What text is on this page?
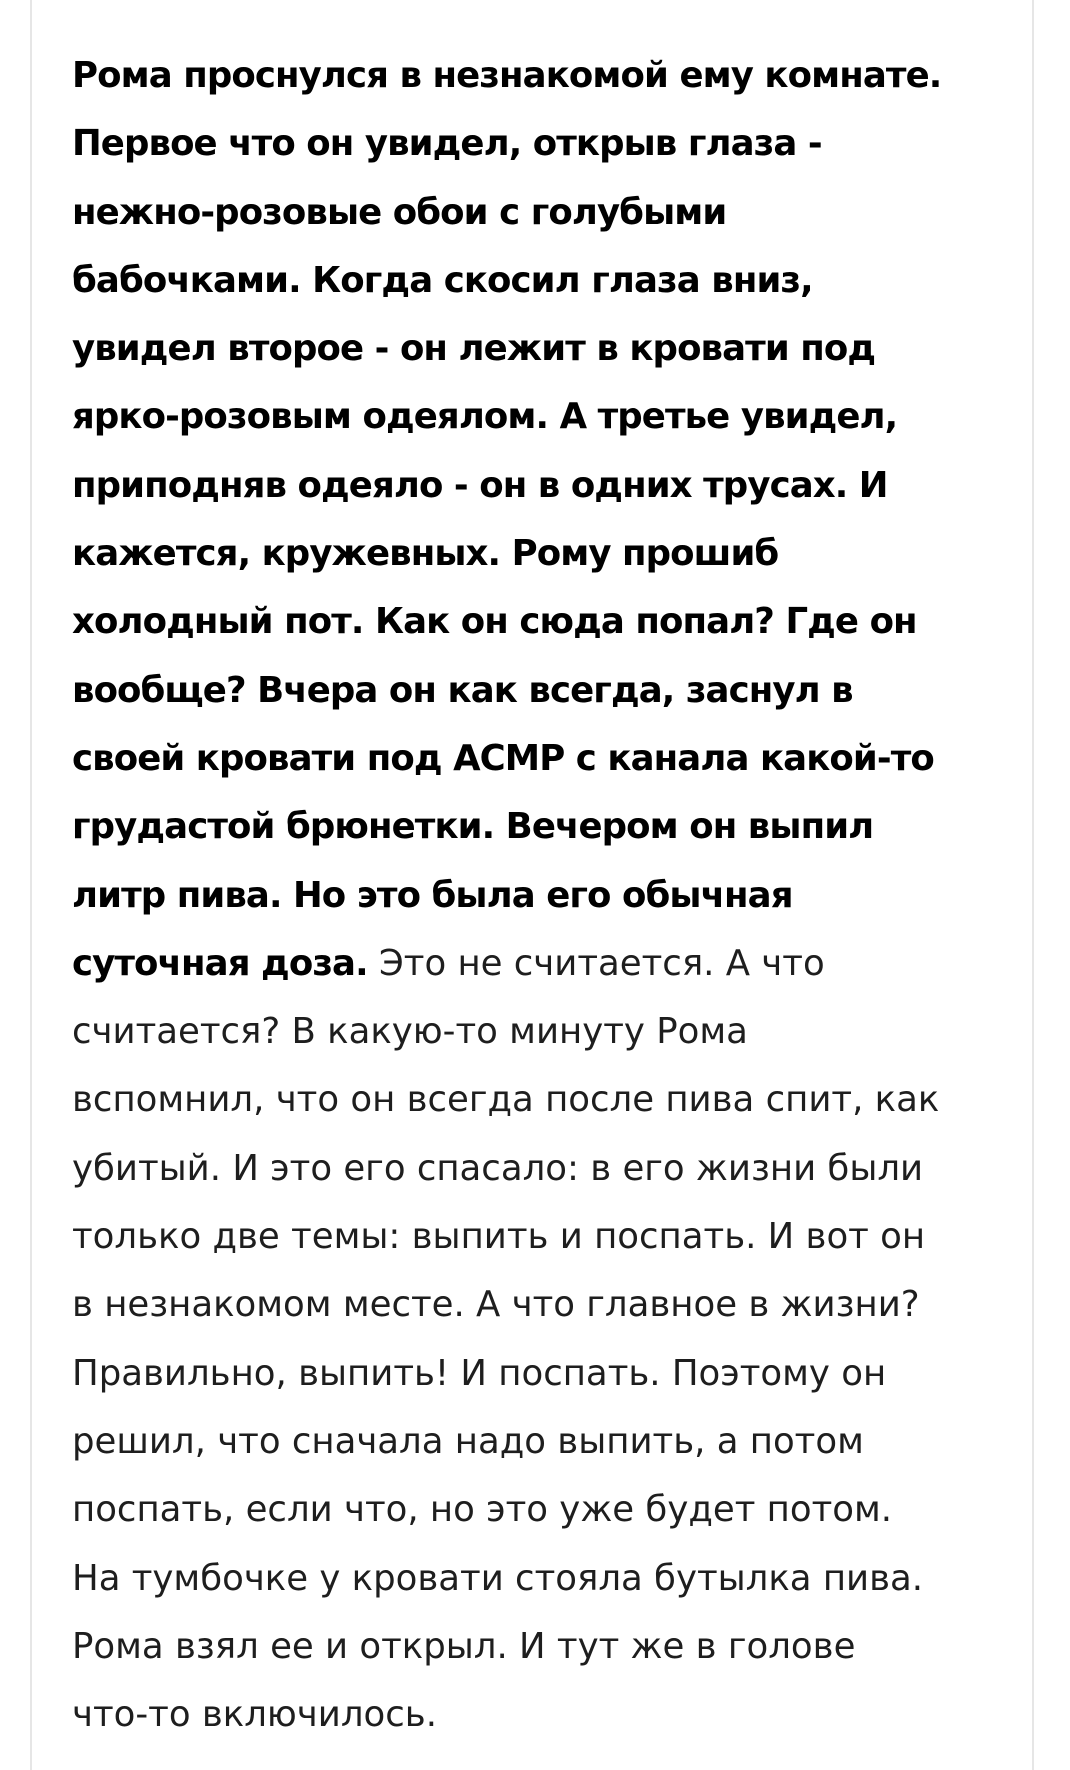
Рома проснулся в незнакомой ему комнате.
Первое что он увидел, открыв глаза -
нежно-розовые обои с голубыми
бабочками. Когда скосил глаза вниз,
увидел второе - он лежит в кровати под
ярко-розовым одеялом. А третье увидел,
приподняв одеяло - он в одних трусах. И
кажется, кружевных. Рому прошиб
холодный пот. Как он сюда попал? Где он
вообще? Вчера он как всегда, заснул в
своей кровати под АСМР с канала какой-то
грудастой брюнетки. Вечером он выпил
литр пива. Но это была его обычная
суточная доза. Это не считается. А что
считается? В какую-то минуту Рома
вспомнил, что он всегда после пива спит, как
убитый. И это его спасало: в его жизни были
только две темы: выпить и поспать. И вот он
в незнакомом месте. А что главное в жизни?
Правильно, выпить! И поспать. Поэтому он
решил, что сначала надо выпить, а потом
поспать, если что, но это уже будет потом.
На тумбочке у кровати стояла бутылка пива.
Рома взял ее и открыл. И тут же в голове
что-то включилось.
